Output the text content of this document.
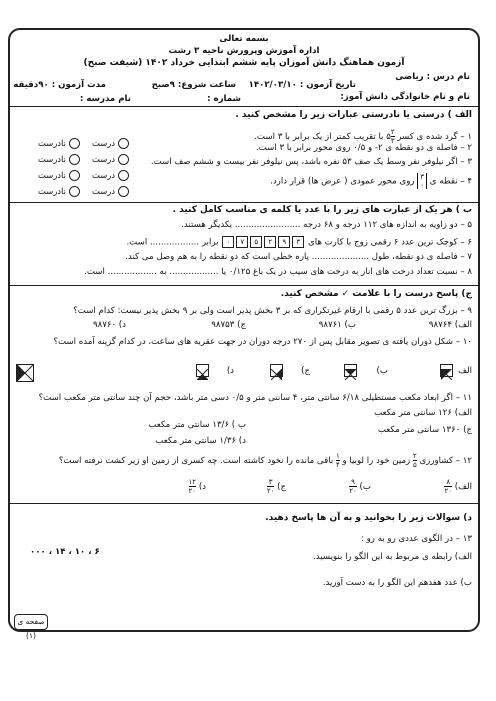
بسمه تعالی
اداره آموزش وپرورش ناحیه ۳ رشت
آزمون هماهنگ دانش آموزان پایه ششم ابتدایی خرداد ۱۴۰۲ (شیفت صبح)
نام درس : ریاضی
تاریخ آزمون : ۱۴۰۲/۰۳/۱۰
ساعت شروع: ۹صبح
مدت آزمون : ۹۰دقیقه
نام و نام خانوادگی دانش آموز:
شماره :
نام مدرسه :
الف ) درستی یا نادرستی عبارات زیر را مشخص کنید .
۱ – گرد شده ی کسر
$\frac{۲}{۳}$
۵ با تقریب کمتر از یک برابر با ۳ است.
۲ – فاصله ی دو نقطه ی ۲- و ۰/۵ روی محور برابر با ۳ است.
۳ – اگر نیلوفر نفر وسط یک صف ۵۳ نفره باشد، پس نیلوفر نفر بیست و ششم صف است.
۴ – نقطه ی
۳
۰
روی محور عمودی ( عرض ها) قرار دارد.
درست
نادرست
درست
نادرست
درست
نادرست
درست
نادرست
ب ) هر یک از عبارت های زیر را با عدد یا کلمه ی مناسب کامل کنید .
۵ – دو زاویه به اندازه های ۱۱۲ درجه و ۶۸ درجه ........................ یکدیگر هستند.
۶ – کوچک ترین عدد ۶ رقمی زوج با کارت های ۳۹۲۵۷۰ برابر .................. است.
۷ – فاصله ی دو نقطه، طول ..................... پاره خطی است که دو نقطه را به هم وصل می کند.
۸ – نسبت تعداد درخت های انار به درخت های سیب در یک باغ ۰/۱۲۵ یا .................. به .................. است.
ج) پاسخ درست را با علامت ✓ مشخص کنید.
۹ – بزرگ ترین عدد ۵ رقمی با ارقام غیرتکراری که بر ۳ بخش پذیر است ولی بر ۹ بخش پذیر نیست: کدام است؟
الف) ۹۸۷۶۴
ب) ۹۸۷۶۱
ج) ۹۸۷۵۳
د) ۹۸۷۶۰
۱۰ – شکل دوران یافته ی تصویر مقابل پس از ۲۷۰ درجه دوران در جهت عقربه های ساعت، در کدام گزینه آمده است؟
الف
ب)
ج)
د)
۱۱ – اگر ابعاد مکعب مستطیلی ۶/۱۸ سانتی متر، ۴ سانتی متر و ۰/۵ دسی متر باشد، حجم آن چند سانتی متر مکعب است؟
الف) ۱۲۶ سانتی متر مکعب
ب ) ۱۳/۶ سانتی متر مکعب	ج) ۱۳۶۰ سانتی متر مکعب
د) ۱/۳۶ سانتی متر مکعب
۱۲ – کشاورزی
$\frac{۲}{۵}$
زمین خود را لوبیا و
$\frac{۱}{۴}$
باقی مانده را نخود کاشته است. چه کسری از زمین او زیر کشت نرفته است؟
الف)
$\frac{۸}{۲۰}$
ب)
$\frac{۹}{۲۰}$
ج)
$\frac{۳}{۲۰}$
د)
$\frac{۱۲}{۲۰}$
د) سوالات زیر را بخوانید و به آن ها پاسخ دهید.
۱۳ – در الگوی عددی رو به رو :
۶ ، ۱۰ ، ۱۴ ، ۰۰۰	الف) رابطه ی مربوط به این الگو را بنویسید.
ب) عدد هفدهم این الگو را به دست آورید.
صفحه ی (۱)
